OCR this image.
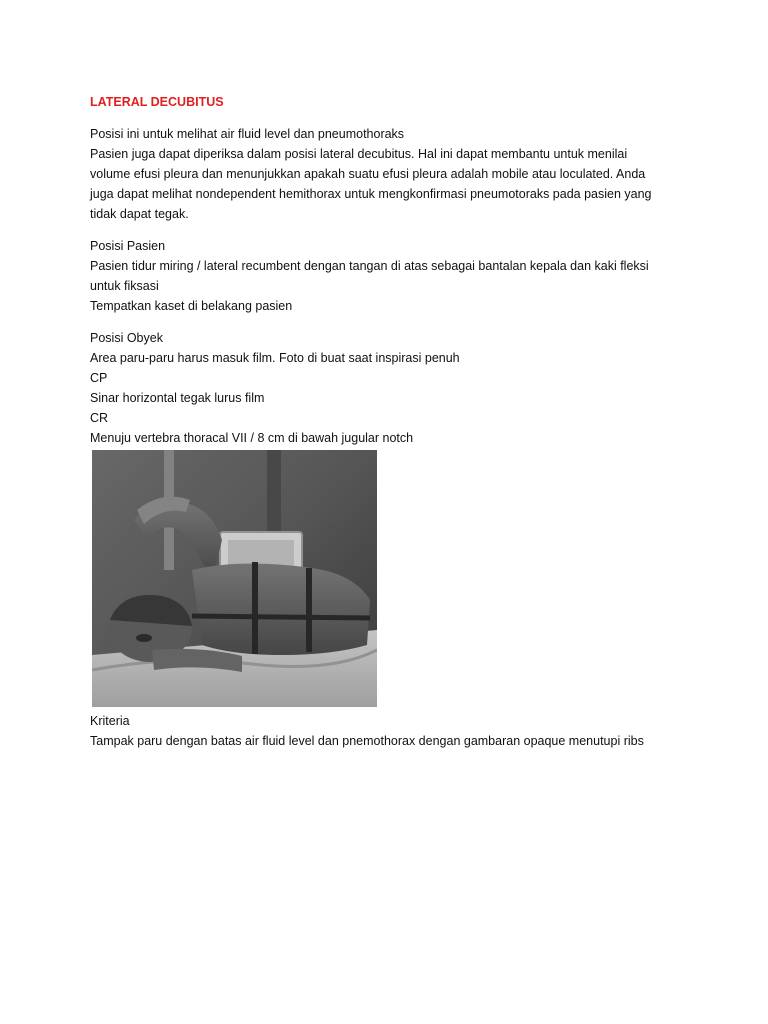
LATERAL DECUBITUS
Posisi ini untuk melihat air fluid level dan pneumothoraks
Pasien juga dapat diperiksa dalam posisi lateral decubitus. Hal ini dapat membantu untuk menilai
volume efusi pleura dan menunjukkan apakah suatu efusi pleura adalah mobile atau loculated. Anda
juga dapat melihat nondependent hemithorax untuk mengkonfirmasi pneumotoraks pada pasien yang
tidak dapat tegak.
Posisi Pasien
Pasien tidur miring / lateral recumbent dengan tangan di atas sebagai bantalan kepala dan kaki fleksi
untuk fiksasi
Tempatkan kaset di belakang pasien
Posisi Obyek
Area paru-paru harus masuk film. Foto di buat saat inspirasi penuh
CP
Sinar horizontal tegak lurus film
CR
Menuju vertebra thoracal VII / 8 cm di bawah jugular notch
Kriteria
Tampak paru dengan batas air fluid level dan pnemothorax dengan gambaran opaque menutupi ribs
